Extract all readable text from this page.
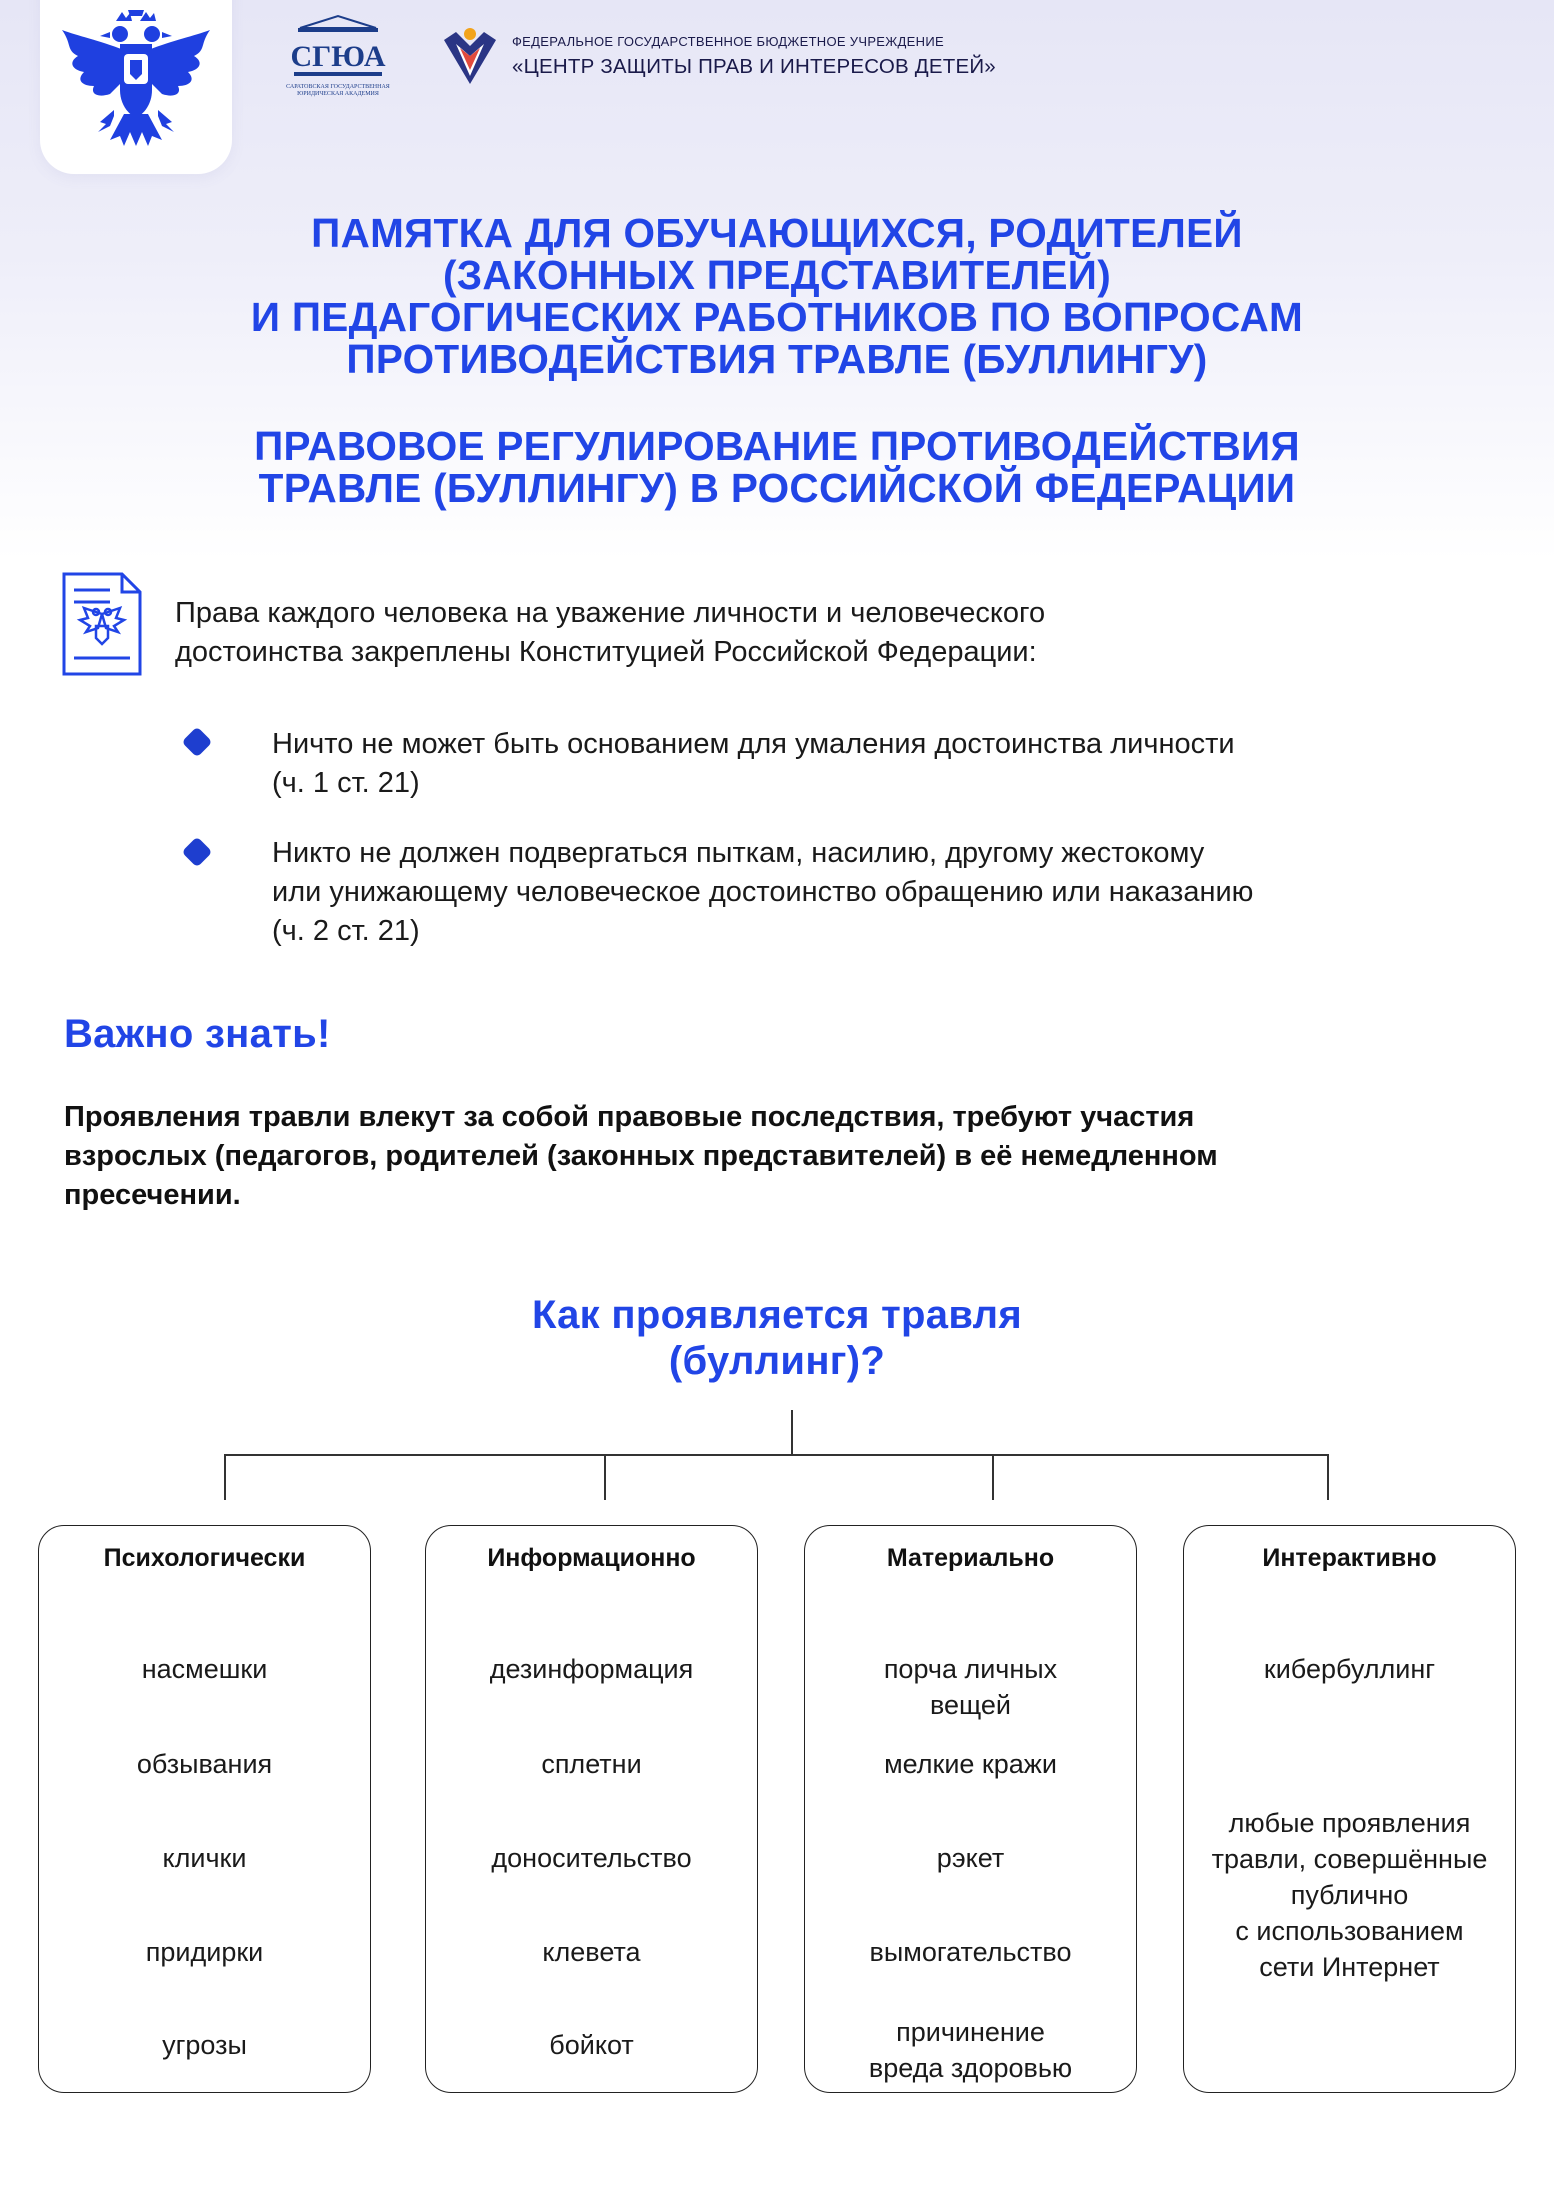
СГЮА
САРАТОВСКАЯ ГОСУДАРСТВЕННАЯ ЮРИДИЧЕСКАЯ АКАДЕМИЯ
ФЕДЕРАЛЬНОЕ ГОСУДАРСТВЕННОЕ БЮДЖЕТНОЕ УЧРЕЖДЕНИЕ
«ЦЕНТР ЗАЩИТЫ ПРАВ И ИНТЕРЕСОВ ДЕТЕЙ»
ПАМЯТКА ДЛЯ ОБУЧАЮЩИХСЯ, РОДИТЕЛЕЙ
(ЗАКОННЫХ ПРЕДСТАВИТЕЛЕЙ)
И ПЕДАГОГИЧЕСКИХ РАБОТНИКОВ ПО ВОПРОСАМ
ПРОТИВОДЕЙСТВИЯ ТРАВЛЕ (БУЛЛИНГУ)
ПРАВОВОЕ РЕГУЛИРОВАНИЕ ПРОТИВОДЕЙСТВИЯ
ТРАВЛЕ (БУЛЛИНГУ) В РОССИЙСКОЙ ФЕДЕРАЦИИ
Права каждого человека на уважение личности и человеческого
достоинства закреплены Конституцией Российской Федерации:
Ничто не может быть основанием для умаления достоинства личности
(ч. 1 ст. 21)
Никто не должен подвергаться пыткам, насилию, другому жестокому
или унижающему человеческое достоинство обращению или наказанию
(ч. 2 ст. 21)
Важно знать!
Проявления травли влекут за собой правовые последствия, требуют участия
взрослых (педагогов, родителей (законных представителей) в её немедленном
пресечении.
Как проявляется травля
(буллинг)?
Психологически
насмешки
обзывания
клички
придирки
угрозы
Информационно
дезинформация
сплетни
доносительство
клевета
бойкот
Материально
порча личных
вещей
мелкие кражи
рэкет
вымогательство
причинение
вреда здоровью
Интерактивно
кибербуллинг
любые проявления
травли, совершённые
публично
с использованием
сети Интернет
